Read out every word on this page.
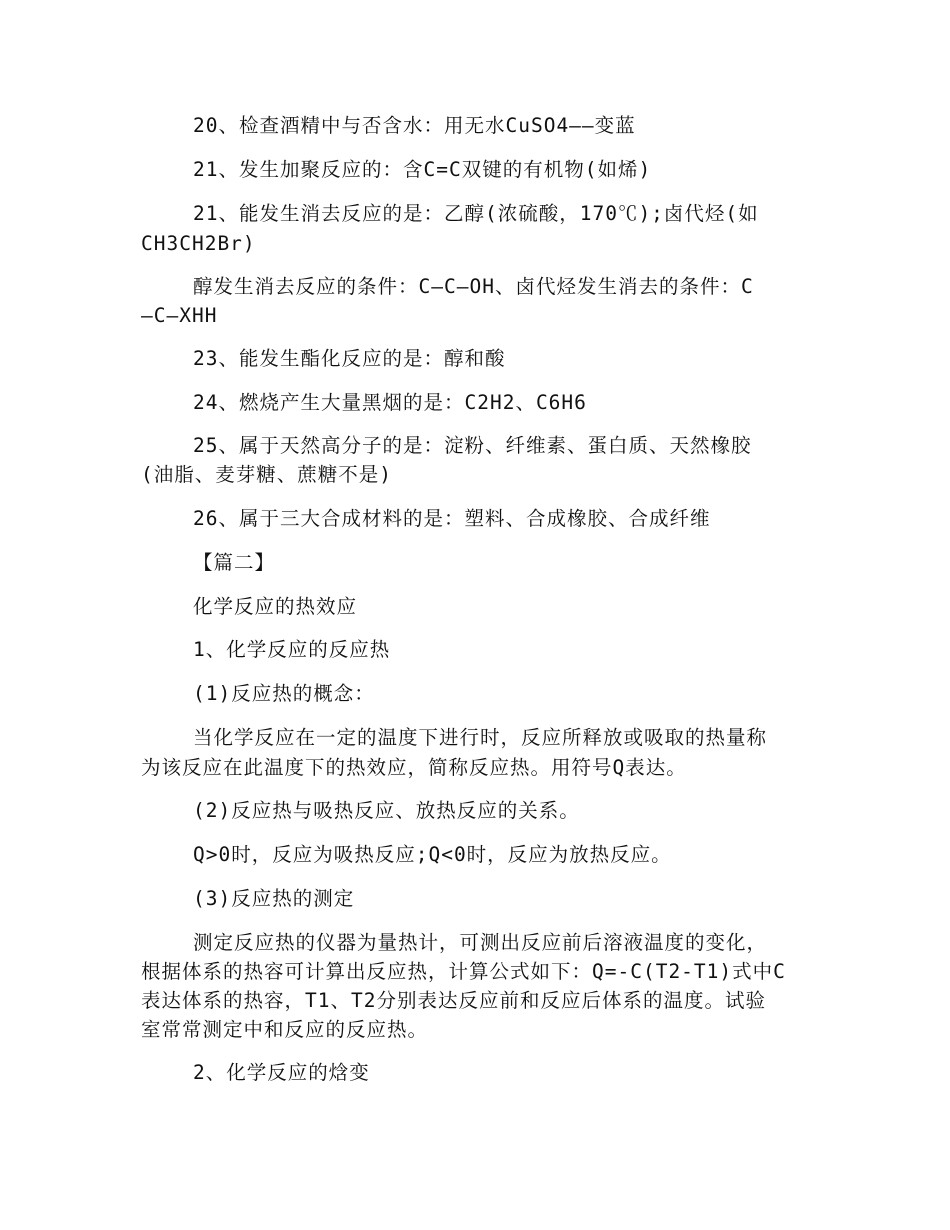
20、检查酒精中与否含水：用无水CuSO4——变蓝
21、发生加聚反应的：含C=C双键的有机物(如烯)
21、能发生消去反应的是：乙醇(浓硫酸，170℃);卤代烃(如
CH3CH2Br)
醇发生消去反应的条件：C—C—OH、卤代烃发生消去的条件：C
—C—XHH
23、能发生酯化反应的是：醇和酸
24、燃烧产生大量黑烟的是：C2H2、C6H6
25、属于天然高分子的是：淀粉、纤维素、蛋白质、天然橡胶
(油脂、麦芽糖、蔗糖不是)
26、属于三大合成材料的是：塑料、合成橡胶、合成纤维
【篇二】
化学反应的热效应
1、化学反应的反应热
(1)反应热的概念：
当化学反应在一定的温度下进行时，反应所释放或吸取的热量称
为该反应在此温度下的热效应，简称反应热。用符号Q表达。
(2)反应热与吸热反应、放热反应的关系。
Q>0时，反应为吸热反应;Q<0时，反应为放热反应。
(3)反应热的测定
测定反应热的仪器为量热计，可测出反应前后溶液温度的变化，
根据体系的热容可计算出反应热，计算公式如下：Q=-C(T2-T1)式中C
表达体系的热容，T1、T2分别表达反应前和反应后体系的温度。试验
室常常测定中和反应的反应热。
2、化学反应的焓变
